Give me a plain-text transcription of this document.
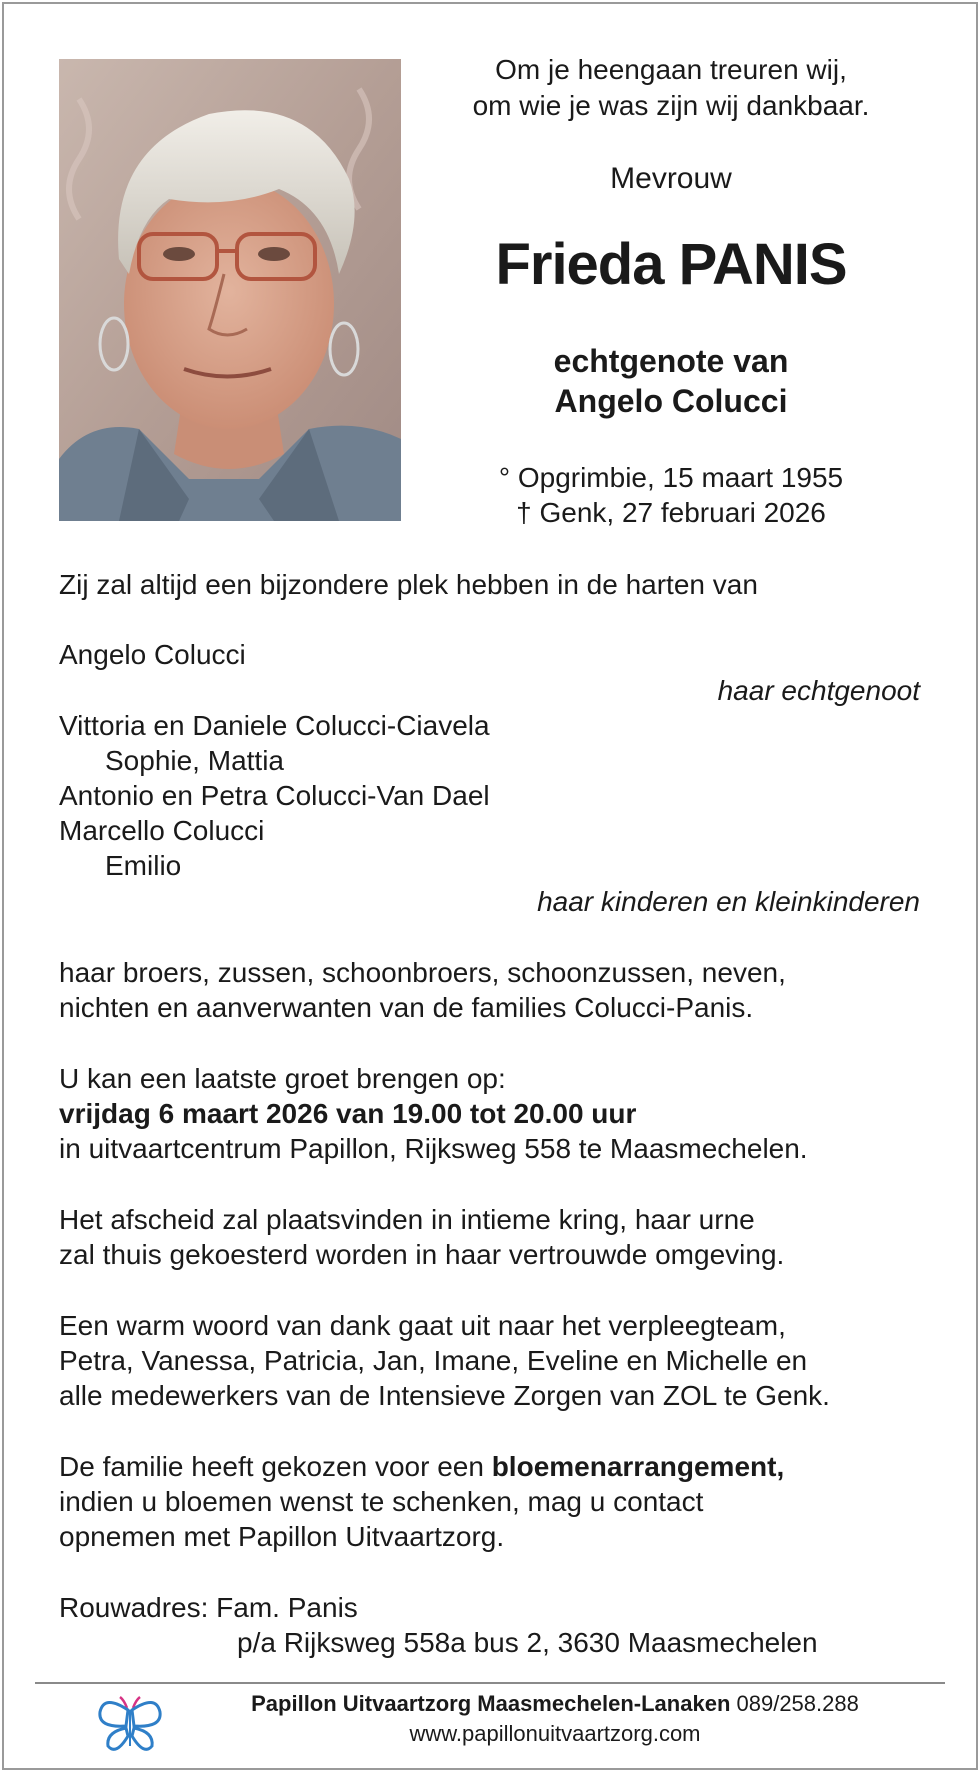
Om je heengaan treuren wij,
om wie je was zijn wij dankbaar.
Mevrouw
Frieda PANIS
echtgenote van
Angelo Colucci
° Opgrimbie, 15 maart 1955
† Genk, 27 februari 2026
Zij zal altijd een bijzondere plek hebben in de harten van
Angelo Colucci
haar echtgenoot
Vittoria en Daniele Colucci-Ciavela
Sophie, Mattia
Antonio en Petra Colucci-Van Dael
Marcello Colucci
Emilio
haar kinderen en kleinkinderen
haar broers, zussen, schoonbroers, schoonzussen, neven,
nichten en aanverwanten van de families Colucci-Panis.
U kan een laatste groet brengen op:
vrijdag 6 maart 2026 van 19.00 tot 20.00 uur
in uitvaartcentrum Papillon, Rijksweg 558 te Maasmechelen.
Het afscheid zal plaatsvinden in intieme kring, haar urne
zal thuis gekoesterd worden in haar vertrouwde omgeving.
Een warm woord van dank gaat uit naar het verpleegteam,
Petra, Vanessa, Patricia, Jan, Imane, Eveline en Michelle en
alle medewerkers van de Intensieve Zorgen van ZOL te Genk.
De familie heeft gekozen voor een bloemenarrangement,
indien u bloemen wenst te schenken, mag u contact
opnemen met Papillon Uitvaartzorg.
Rouwadres: Fam. Panis
p/a Rijksweg 558a bus 2, 3630 Maasmechelen
Papillon Uitvaartzorg Maasmechelen-Lanaken 089/258.288
www.papillonuitvaartzorg.com
